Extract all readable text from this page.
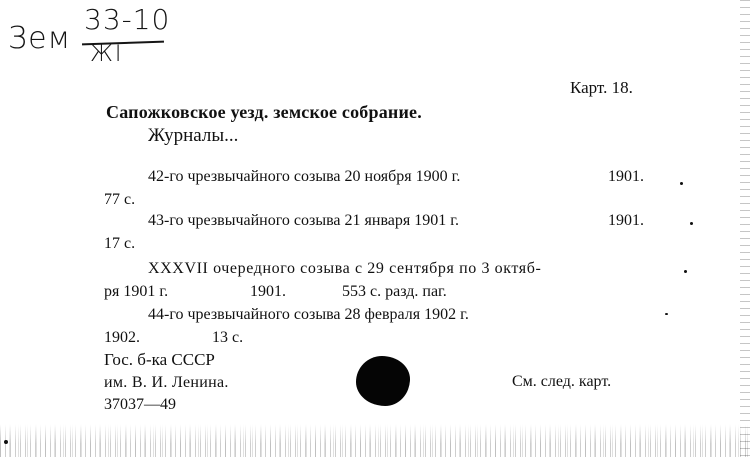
Зем
33-10
ЖI
Карт. 18.
Сапожковское уезд. земское собрание.
Журналы...
42-го чрезвычайного созыва 20 ноября 1900 г.	1901.
77 с.
43-го чрезвычайного созыва 21 января 1901 г.	1901.
17 с.
XXXVII очередного созыва с 29 сентября по 3 октяб-
ря 1901 г.	1901.	553 с. разд. паг.
44-го чрезвычайного созыва 28 февраля 1902 г.
1902.	13 с.
Гос. б-ка СССР
им. В. И. Ленина.
37037—49
См. след. карт.
